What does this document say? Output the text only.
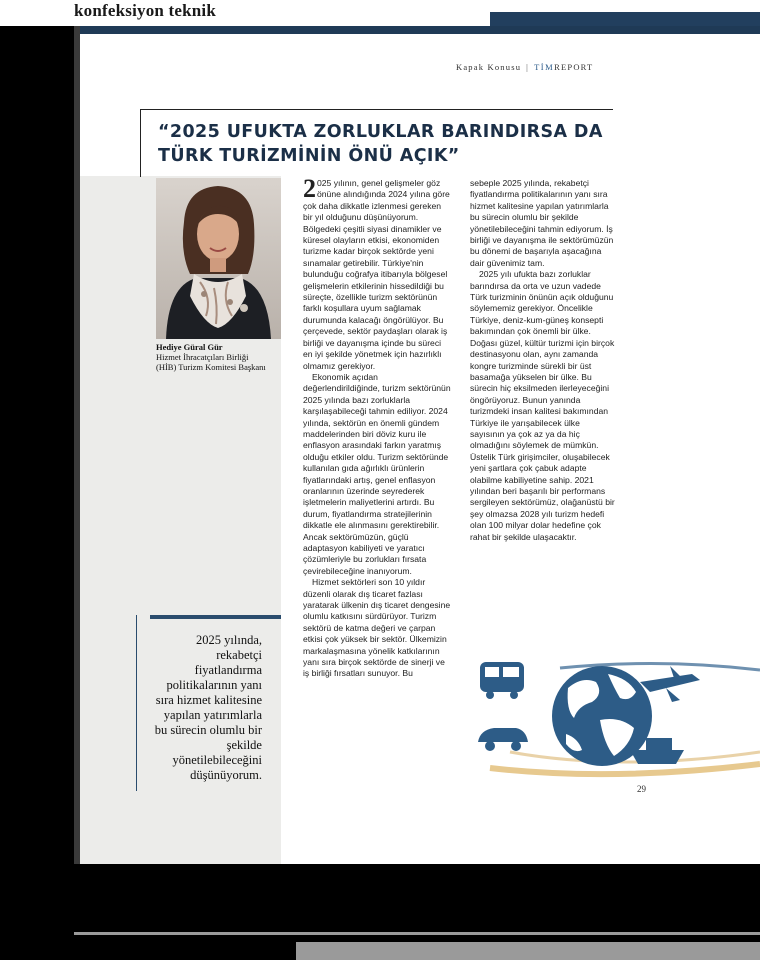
konfeksiyon teknik
Kapak Konusu | TİMREPORT
“2025 UFUKTA ZORLUKLAR BARINDIRSA DA TÜRK TURİZMİNİN ÖNÜ AÇIK”
Hediye Güral Gür
Hizmet İhracatçıları Birliği
(HİB) Turizm Komitesi Başkanı

2 025 yılının, genel gelişmeler göz önüne alındığında 2024 yılına göre çok daha dikkatle izlenmesi gereken bir yıl olduğunu düşünüyorum. Bölgedeki çeşitli siyasi dinamikler ve küresel olayların etkisi, ekonomiden turizme kadar birçok sektörde yeni sınamalar getirebilir. Türkiye'nin bulunduğu coğrafya itibarıyla bölgesel gelişmelerin etkilerinin hissedildiği bu süreçte, özellikle turizm sektörünün farklı koşullara uyum sağlamak durumunda kalacağı öngörülüyor. Bu çerçevede, sektör paydaşları olarak iş birliği ve dayanışma içinde bu süreci en iyi şekilde yönetmek için hazırlıklı olmamız gerekiyor.

Ekonomik açıdan değerlendirildiğinde, turizm sektörünün 2025 yılında bazı zorluklarla karşılaşabileceği tahmin ediliyor. 2024 yılında, sektörün en önemli gündem maddelerinden biri döviz kuru ile enflasyon arasındaki farkın yaratmış olduğu etkiler oldu. Turizm sektöründe kullanılan gıda ağırlıklı ürünlerin fiyatlarındaki artış, genel enflasyon oranlarının üzerinde seyrederek işletmelerin maliyetlerini artırdı. Bu durum, fiyatlandırma stratejilerinin dikkatle ele alınmasını gerektirebilir. Ancak sektörümüzün, güçlü adaptasyon kabiliyeti ve yaratıcı çözümleriyle bu zorlukları fırsata çevirebileceğine inanıyorum.

Hizmet sektörleri son 10 yıldır düzenli olarak dış ticaret fazlası yaratarak ülkenin dış ticaret dengesine olumlu katkısını sürdürüyor. Turizm sektörü de katma değeri ve çarpan etkisi çok yüksek bir sektör. Ülkemizin markalaşmasına yönelik katkılarının yanı sıra birçok sektörde de sinerji ve iş birliği fırsatları sunuyor. Bu

sebeple 2025 yılında, rekabetçi fiyatlandırma politikalarının yanı sıra hizmet kalitesine yapılan yatırımlarla bu sürecin olumlu bir şekilde yönetilebileceğini tahmin ediyorum. İş birliği ve dayanışma ile sektörümüzün bu dönemi de başarıyla aşacağına dair güvenimiz tam.

2025 yılı ufukta bazı zorluklar barındırsa da orta ve uzun vadede Türk turizminin önünün açık olduğunu söylememiz gerekiyor. Öncelikle Türkiye, deniz-kum-güneş konsepti bakımından çok önemli bir ülke. Doğası güzel, kültür turizmi için birçok destinasyonu olan, aynı zamanda kongre turizminde sürekli bir üst basamağa yükselen bir ülke. Bu sürecin hiç eksilmeden ilerleyeceğini öngörüyoruz. Bunun yanında turizmdeki insan kalitesi bakımından Türkiye ile yarışabilecek ülke sayısının ya çok az ya da hiç olmadığını söylemek de mümkün. Üstelik Türk girişimciler, oluşabilecek yeni şartlara çok çabuk adapte olabilme kabiliyetine sahip. 2021 yılından beri başarılı bir performans sergileyen sektörümüz, olağanüstü bir şey olmazsa 2028 yılı turizm hedefi olan 100 milyar dolar hedefine çok rahat bir şekilde ulaşacaktır.

2025 yılında, rekabetçi fiyatlandırma politikalarının yanı sıra hizmet kalitesine yapılan yatırımlarla bu sürecin olumlu bir şekilde yönetilebileceğini düşünüyorum.
29
